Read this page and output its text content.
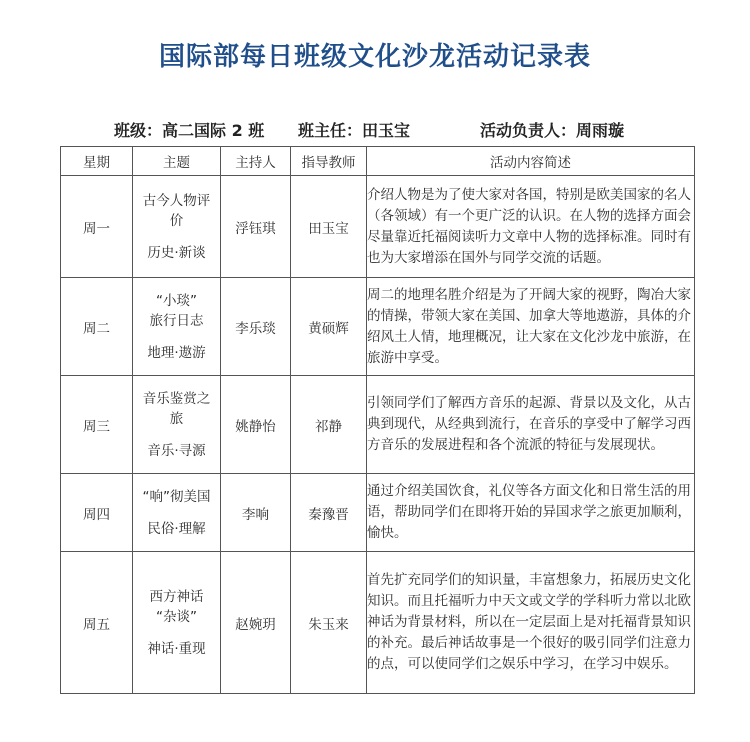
国际部每日班级文化沙龙活动记录表
班级：高二国际 2 班 班主任：田玉宝	活动负责人：周雨璇
星期	主题	主持人	指导教师	活动内容简述
周一	古今人物评
价
历史·新谈	浮钰琪	田玉宝	介绍人物是为了使大家对各国，特别是欧美国家的名人（各领域）有一个更广泛的认识。在人物的选择方面会尽量靠近托福阅读听力文章中人物的选择标准。同时有也为大家增添在国外与同学交流的话题。
周二	“小琰”
旅行日志
地理·遨游	李乐琰	黄硕辉	周二的地理名胜介绍是为了开阔大家的视野，陶冶大家的情操，带领大家在美国、加拿大等地遨游，具体的介绍风土人情，地理概况，让大家在文化沙龙中旅游，在旅游中享受。
周三	音乐鉴赏之
旅
音乐·寻源	姚静怡	祁静	引领同学们了解西方音乐的起源、背景以及文化，从古典到现代，从经典到流行，在音乐的享受中了解学习西方音乐的发展进程和各个流派的特征与发展现状。
周四	“响”彻美国
民俗·理解	李响	秦豫晋	通过介绍美国饮食，礼仪等各方面文化和日常生活的用语，帮助同学们在即将开始的异国求学之旅更加顺利，愉快。
周五	西方神话
“杂谈”
神话·重现	赵婉玥	朱玉来	首先扩充同学们的知识量，丰富想象力，拓展历史文化知识。而且托福听力中天文或文学的学科听力常以北欧神话为背景材料，所以在一定层面上是对托福背景知识的补充。最后神话故事是一个很好的吸引同学们注意力的点，可以使同学们之娱乐中学习，在学习中娱乐。
